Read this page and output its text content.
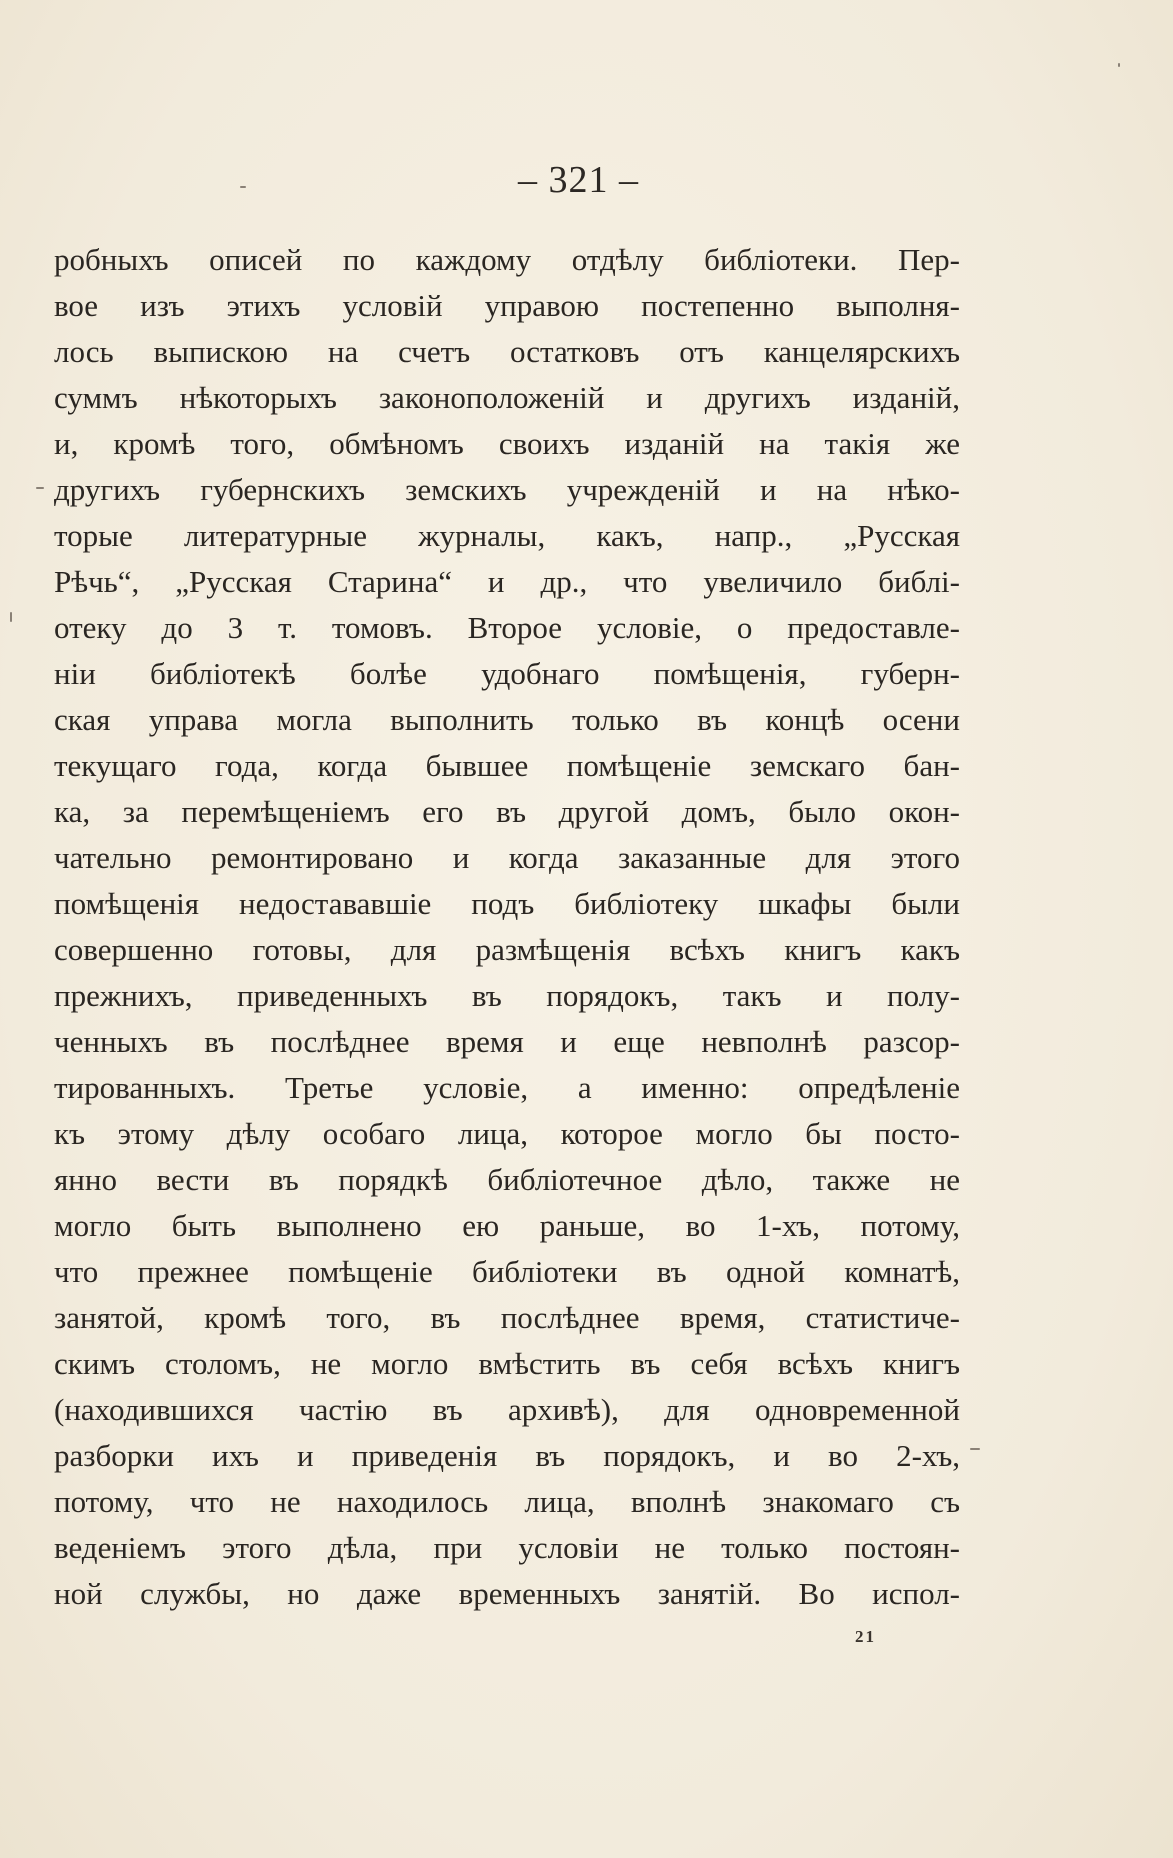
– 321 –
робныхъ описей по каждому отдѣлу библіотеки. Пер-
вое изъ этихъ условій управою постепенно выполня-
лось выпискою на счетъ остатковъ отъ канцелярскихъ
суммъ нѣкоторыхъ законоположеній и другихъ изданій,
и, кромѣ того, обмѣномъ своихъ изданій на такія же
другихъ губернскихъ земскихъ учрежденій и на нѣко-
торые литературные журналы, какъ, напр., „Русская
Рѣчь“, „Русская Старина“ и др., что увеличило библі-
отеку до 3 т. томовъ. Второе условіе, о предоставле-
ніи библіотекѣ болѣе удобнаго помѣщенія, губерн-
ская управа могла выполнить только въ концѣ осени
текущаго года, когда бывшее помѣщеніе земскаго бан-
ка, за перемѣщеніемъ его въ другой домъ, было окон-
чательно ремонтировано и когда заказанные для этого
помѣщенія недостававшіе подъ библіотеку шкафы были
совершенно готовы, для размѣщенія всѣхъ книгъ какъ
прежнихъ, приведенныхъ въ порядокъ, такъ и полу-
ченныхъ въ послѣднее время и еще невполнѣ разсор-
тированныхъ. Третье условіе, а именно: опредѣленіе
къ этому дѣлу особаго лица, которое могло бы посто-
янно вести въ порядкѣ библіотечное дѣло, также не
могло быть выполнено ею раньше, во 1-хъ, потому,
что прежнее помѣщеніе библіотеки въ одной комнатѣ,
занятой, кромѣ того, въ послѣднее время, статистиче-
скимъ столомъ, не могло вмѣстить въ себя всѣхъ книгъ
(находившихся частію въ архивѣ), для одновременной
разборки ихъ и приведенія въ порядокъ, и во 2-хъ,
потому, что не находилось лица, вполнѣ знакомаго съ
веденіемъ этого дѣла, при условіи не только постоян-
ной службы, но даже временныхъ занятій. Во испол-
21
